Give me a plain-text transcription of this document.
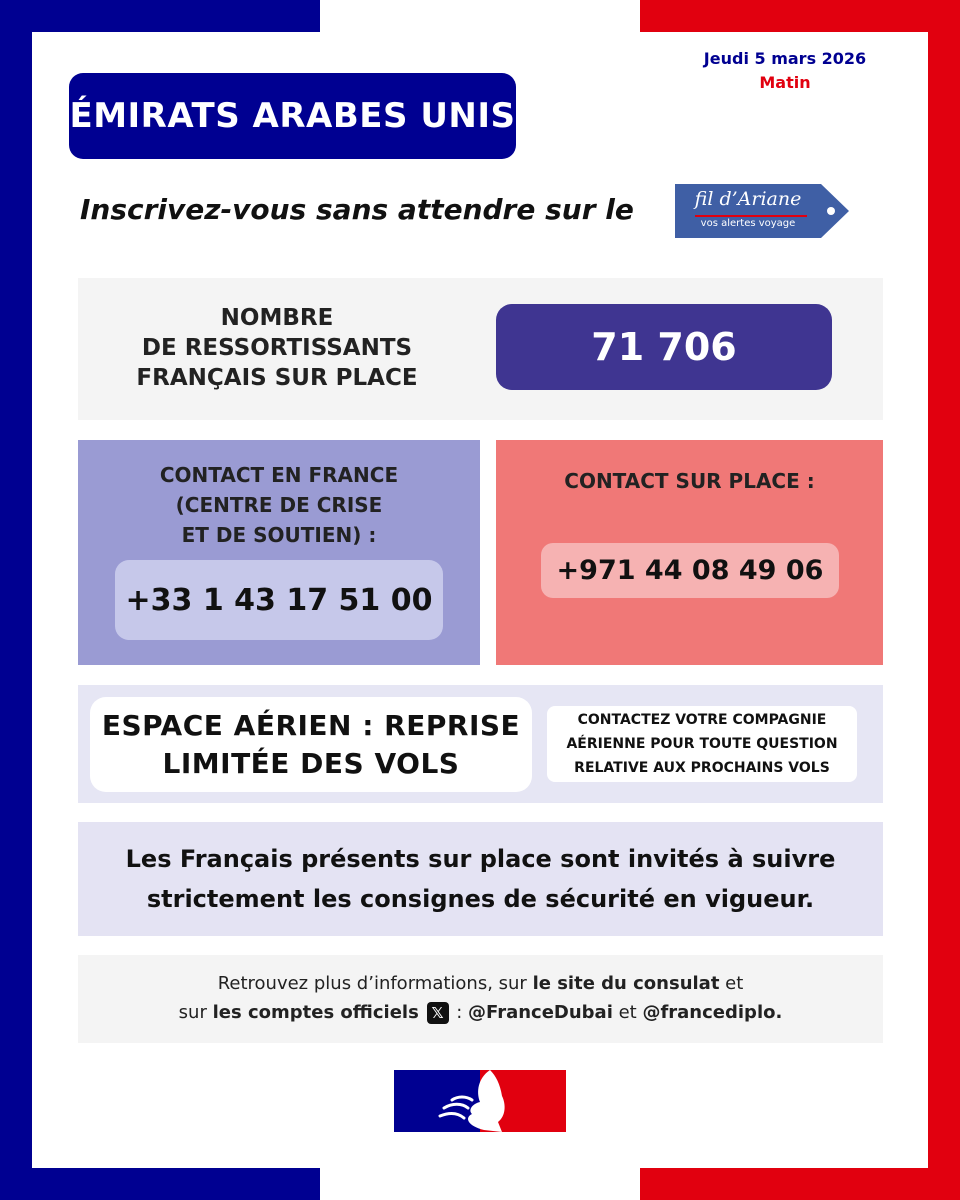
ÉMIRATS ARABES UNIS
Jeudi 5 mars 2026
Matin
Inscrivez-vous sans attendre sur le	fil d’Ariane
vos alertes voyage
NOMBRE
DE RESSORTISSANTS
FRANÇAIS SUR PLACE
71 706
CONTACT EN FRANCE
(CENTRE DE CRISE
ET DE SOUTIEN) :
+33 1 43 17 51 00
CONTACT SUR PLACE :
+971 44 08 49 06
ESPACE AÉRIEN : REPRISE
LIMITÉE DES VOLS
CONTACTEZ VOTRE COMPAGNIE
AÉRIENNE POUR TOUTE QUESTION
RELATIVE AUX PROCHAINS VOLS
Les Français présents sur place sont invités à suivre
strictement les consignes de sécurité en vigueur.
Retrouvez plus d’informations, sur le site du consulat et
sur les comptes officiels 𝕏 : @FranceDubai et @francediplo.
